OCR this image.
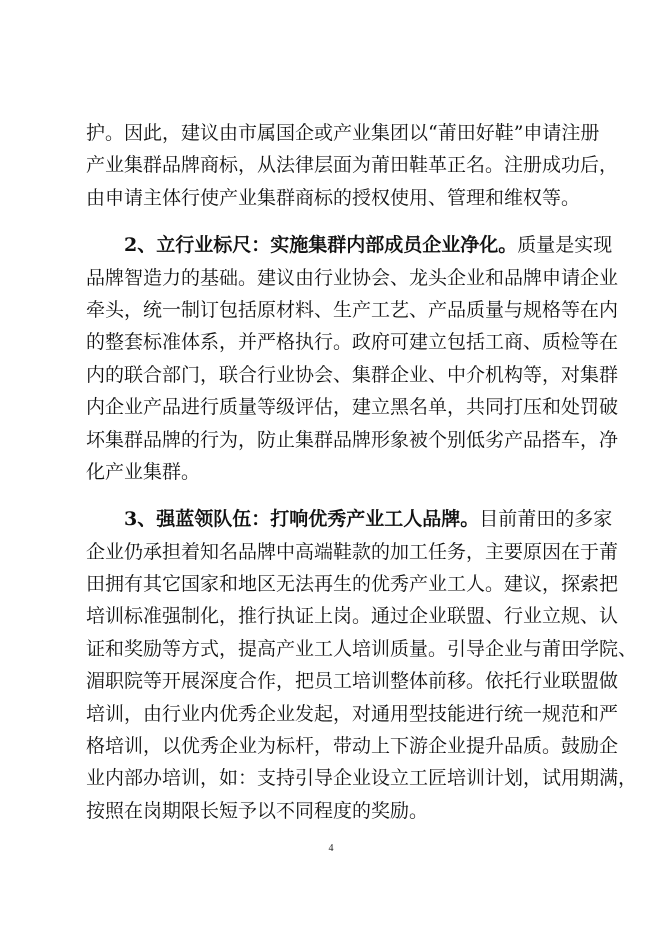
护。因此，建议由市属国企或产业集团以“莆田好鞋”申请注册
产业集群品牌商标，从法律层面为莆田鞋革正名。注册成功后，
由申请主体行使产业集群商标的授权使用、管理和维权等。
2、立行业标尺：实施集群内部成员企业净化。质量是实现
品牌智造力的基础。建议由行业协会、龙头企业和品牌申请企业
牵头，统一制订包括原材料、生产工艺、产品质量与规格等在内
的整套标准体系，并严格执行。政府可建立包括工商、质检等在
内的联合部门，联合行业协会、集群企业、中介机构等，对集群
内企业产品进行质量等级评估，建立黑名单，共同打压和处罚破
坏集群品牌的行为，防止集群品牌形象被个别低劣产品搭车，净
化产业集群。
3、强蓝领队伍：打响优秀产业工人品牌。目前莆田的多家
企业仍承担着知名品牌中高端鞋款的加工任务，主要原因在于莆
田拥有其它国家和地区无法再生的优秀产业工人。建议，探索把
培训标准强制化，推行执证上岗。通过企业联盟、行业立规、认
证和奖励等方式，提高产业工人培训质量。引导企业与莆田学院、
湄职院等开展深度合作，把员工培训整体前移。依托行业联盟做
培训，由行业内优秀企业发起，对通用型技能进行统一规范和严
格培训，以优秀企业为标杆，带动上下游企业提升品质。鼓励企
业内部办培训，如：支持引导企业设立工匠培训计划，试用期满，
按照在岗期限长短予以不同程度的奖励。
4
